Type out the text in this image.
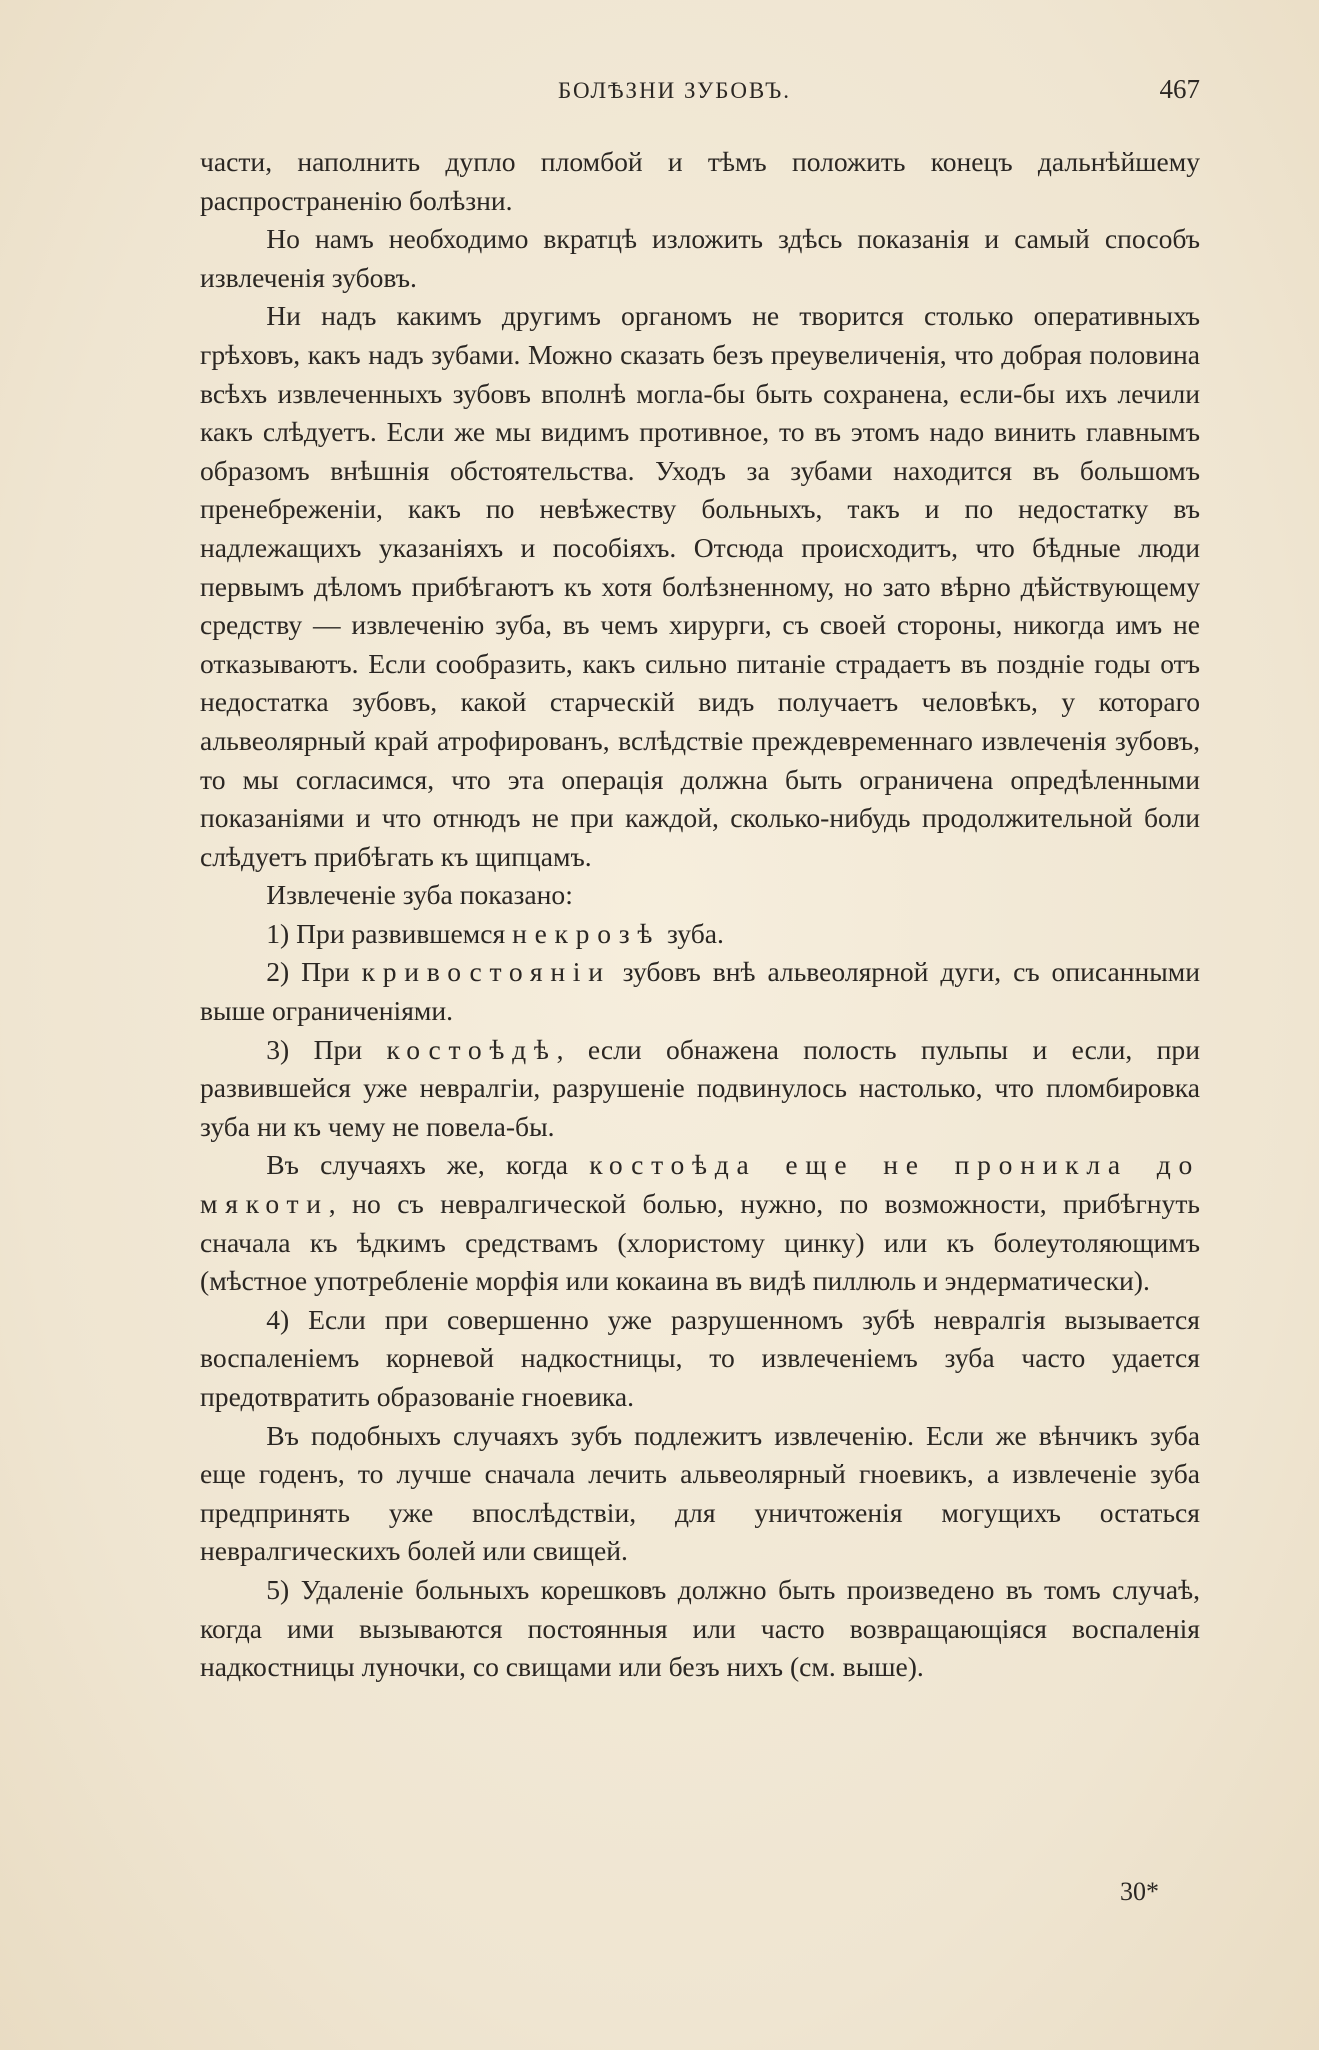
БОЛѢЗНИ ЗУБОВЪ.	467

части, наполнить дупло пломбой и тѣмъ положить конецъ дальнѣйшему распространенію болѣзни.

Но намъ необходимо вкратцѣ изложить здѣсь показанія и самый способъ извлеченія зубовъ.

Ни надъ какимъ другимъ органомъ не творится столько оперативныхъ грѣховъ, какъ надъ зубами. Можно сказать безъ преувеличенія, что добрая половина всѣхъ извлеченныхъ зубовъ вполнѣ могла-бы быть сохранена, если-бы ихъ лечили какъ слѣдуетъ. Если же мы видимъ противное, то въ этомъ надо винить главнымъ образомъ внѣшнія обстоятельства. Уходъ за зубами находится въ большомъ пренебреженіи, какъ по невѣжеству больныхъ, такъ и по недостатку въ надлежащихъ указаніяхъ и пособіяхъ. Отсюда происходитъ, что бѣдные люди первымъ дѣломъ прибѣгаютъ къ хотя болѣзненному, но зато вѣрно дѣйствующему средству — извлеченію зуба, въ чемъ хирурги, съ своей стороны, никогда имъ не отказываютъ. Если сообразить, какъ сильно питаніе страдаетъ въ поздніе годы отъ недостатка зубовъ, какой старческій видъ получаетъ человѣкъ, у котораго альвеолярный край атрофированъ, вслѣдствіе преждевременнаго извлеченія зубовъ, то мы согласимся, что эта операція должна быть ограничена опредѣленными показаніями и что отнюдъ не при каждой, сколько-нибудь продолжительной боли слѣдуетъ прибѣгать къ щипцамъ.

Извлеченіе зуба показано:

1) При развившемся некрозѣ зуба.

2) При кривостояніи зубовъ внѣ альвеолярной дуги, съ описанными выше ограниченіями.

3) При костоѣдѣ, если обнажена полость пульпы и если, при развившейся уже невралгіи, разрушеніе подвинулось настолько, что пломбировка зуба ни къ чему не повела-бы.

Въ случаяхъ же, когда костоѣда еще не проникла до мякоти, но съ невралгической болью, нужно, по возможности, прибѣгнуть сначала къ ѣдкимъ средствамъ (хлористому цинку) или къ болеутоляющимъ (мѣстное употребленіе морфія или кокаина въ видѣ пиллюль и эндерматически).

4) Если при совершенно уже разрушенномъ зубѣ невралгія вызывается воспаленіемъ корневой надкостницы, то извлеченіемъ зуба часто удается предотвратить образованіе гноевика.

Въ подобныхъ случаяхъ зубъ подлежитъ извлеченію. Если же вѣнчикъ зуба еще годенъ, то лучше сначала лечить альвеолярный гноевикъ, а извлеченіе зуба предпринять уже впослѣдствіи, для уничтоженія могущихъ остаться невралгическихъ болей или свищей.

5) Удаленіе больныхъ корешковъ должно быть произведено въ томъ случаѣ, когда ими вызываются постоянныя или часто возвращающіяся воспаленія надкостницы луночки, со свищами или безъ нихъ (см. выше).

30*
